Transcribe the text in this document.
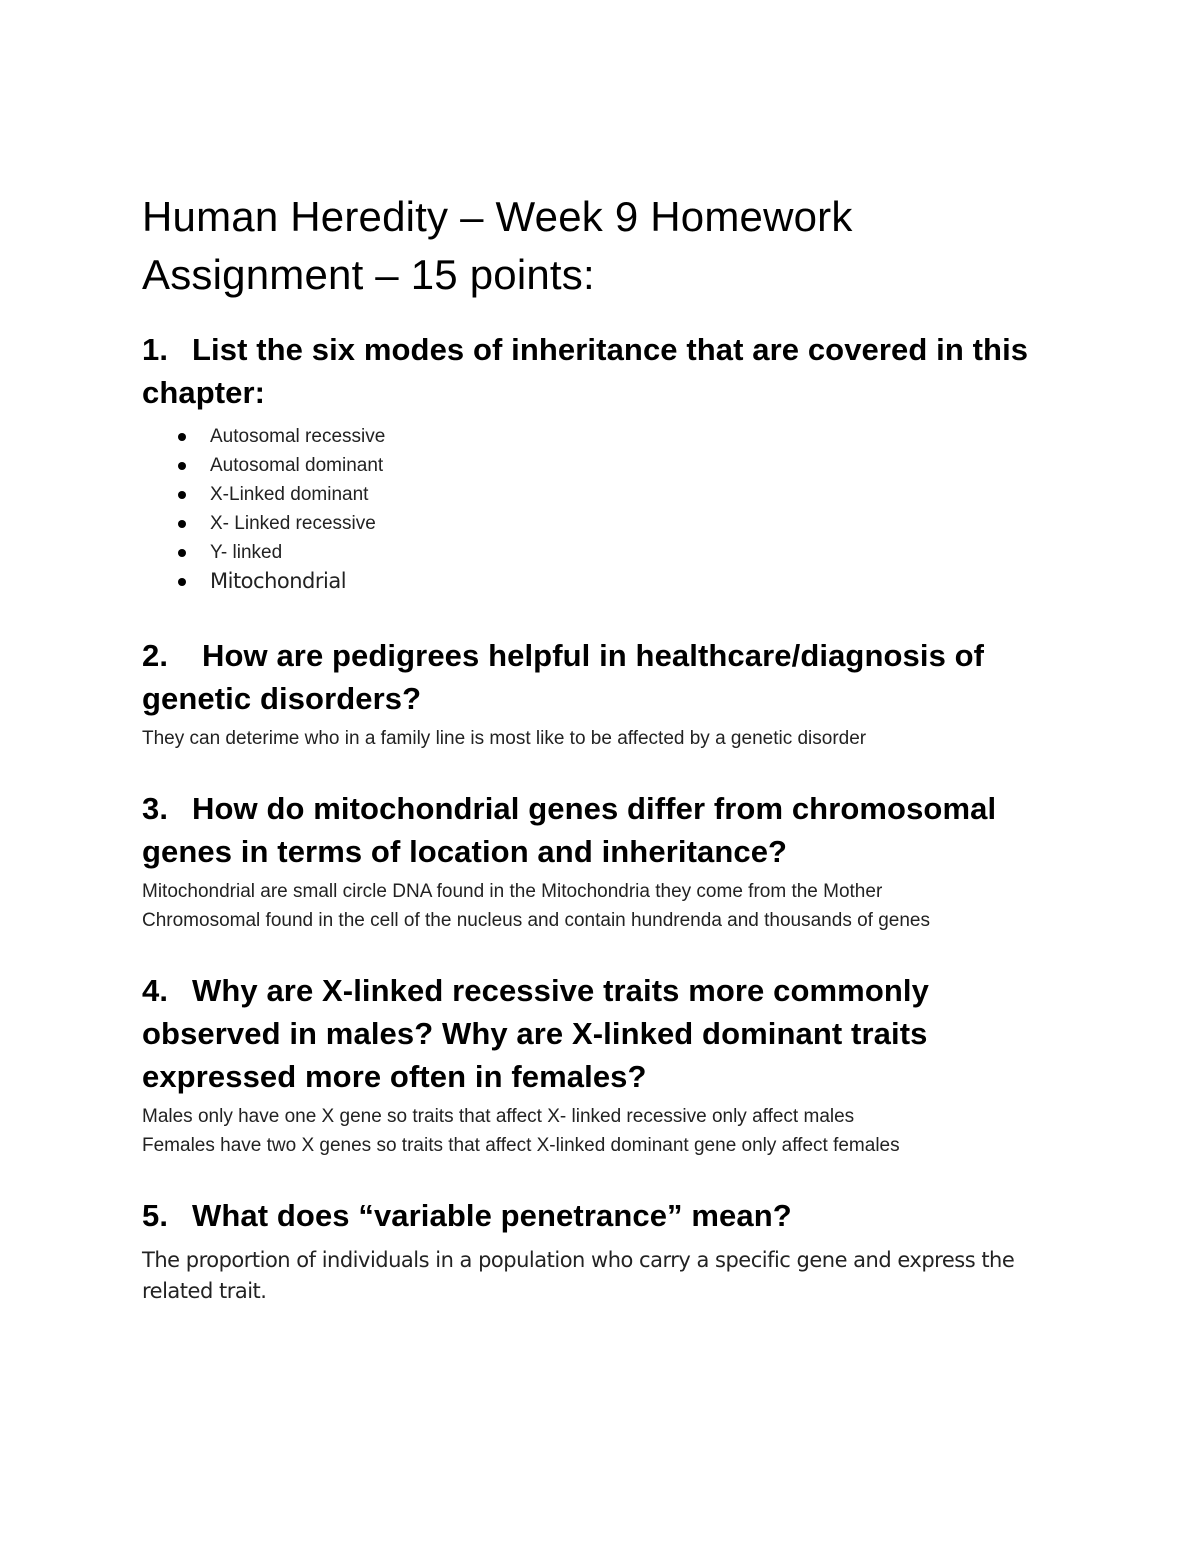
Human Heredity – Week 9 Homework
Assignment – 15 points:

1. List the six modes of inheritance that are covered in this chapter:

Autosomal recessive
Autosomal dominant
X-Linked dominant
X- Linked recessive
Y- linked
Mitochondrial

2. How are pedigrees helpful in healthcare/diagnosis of genetic disorders?

They can deterime who in a family line is most like to be affected by a genetic disorder

3. How do mitochondrial genes differ from chromosomal genes in terms of location and inheritance?

Mitochondrial are small circle DNA found in the Mitochondria they come from the Mother

Chromosomal found in the cell of the nucleus and contain hundrenda and thousands of genes

4. Why are X-linked recessive traits more commonly observed in males? Why are X-linked dominant traits expressed more often in females?

Males only have one X gene so traits that affect X- linked recessive only affect males

Females have two X genes so traits that affect X-linked dominant gene only affect females

5. What does “variable penetrance” mean?

The proportion of individuals in a population who carry a specific gene and express the related trait.
